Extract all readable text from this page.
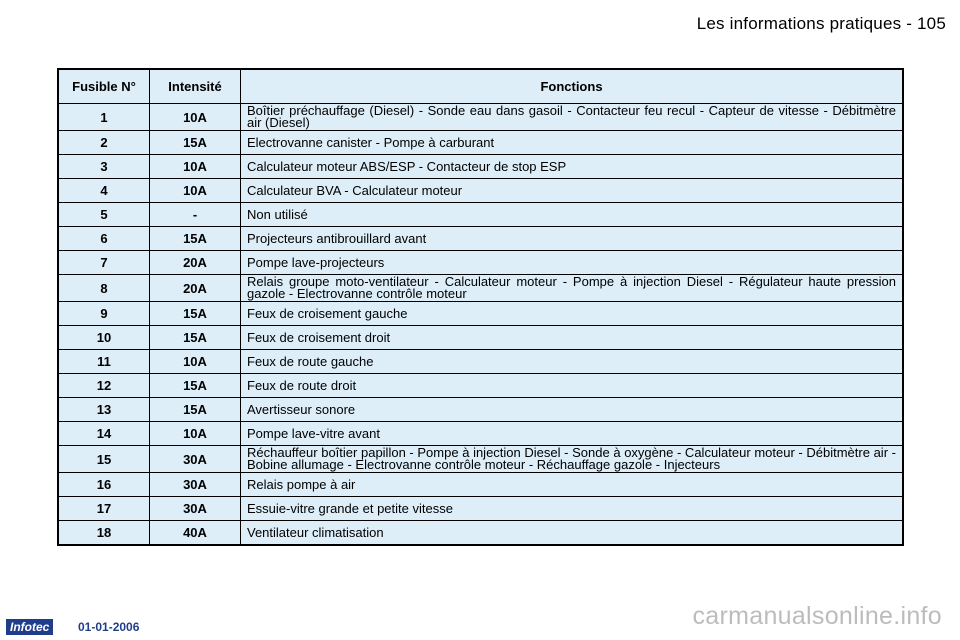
Les informations pratiques - 105
Fusible N°	Intensité	Fonctions
1	10A	Boîtier préchauffage (Diesel) - Sonde eau dans gasoil - Contacteur feu recul - Capteur de vitesse - Débitmètre air (Diesel)
2	15A	Electrovanne canister - Pompe à carburant
3	10A	Calculateur moteur ABS/ESP - Contacteur de stop ESP
4	10A	Calculateur BVA - Calculateur moteur
5	-	Non utilisé
6	15A	Projecteurs antibrouillard avant
7	20A	Pompe lave-projecteurs
8	20A	Relais groupe moto-ventilateur - Calculateur moteur - Pompe à injection Diesel - Régulateur haute pression gazole - Electrovanne contrôle moteur
9	15A	Feux de croisement gauche
10	15A	Feux de croisement droit
11	10A	Feux de route gauche
12	15A	Feux de route droit
13	15A	Avertisseur sonore
14	10A	Pompe lave-vitre avant
15	30A	Réchauffeur boîtier papillon - Pompe à injection Diesel - Sonde à oxygène - Calculateur moteur - Débitmètre air - Bobine allumage - Electrovanne contrôle moteur - Réchauffage gazole - Injecteurs
16	30A	Relais pompe à air
17	30A	Essuie-vitre grande et petite vitesse
18	40A	Ventilateur climatisation
Infotec	01-01-2006	carmanualsonline.info
